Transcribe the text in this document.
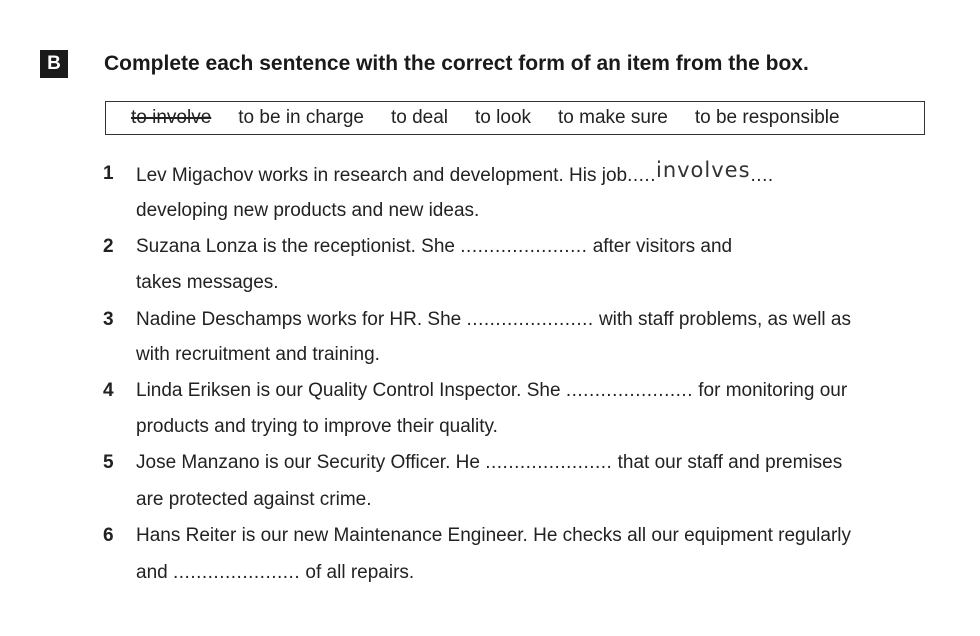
B	Complete each sentence with the correct form of an item from the box.
to involve to be in charge to deal to look to make sure to be responsible
1 Lev Migachov works in research and development. His job.....involves....
developing new products and new ideas.
2 Suzana Lonza is the receptionist. She ...................... after visitors and
takes messages.
3 Nadine Deschamps works for HR. She ...................... with staff problems, as well as
with recruitment and training.
4 Linda Eriksen is our Quality Control Inspector. She ...................... for monitoring our
products and trying to improve their quality.
5 Jose Manzano is our Security Officer. He ...................... that our staff and premises
are protected against crime.
6 Hans Reiter is our new Maintenance Engineer. He checks all our equipment regularly
and ...................... of all repairs.
